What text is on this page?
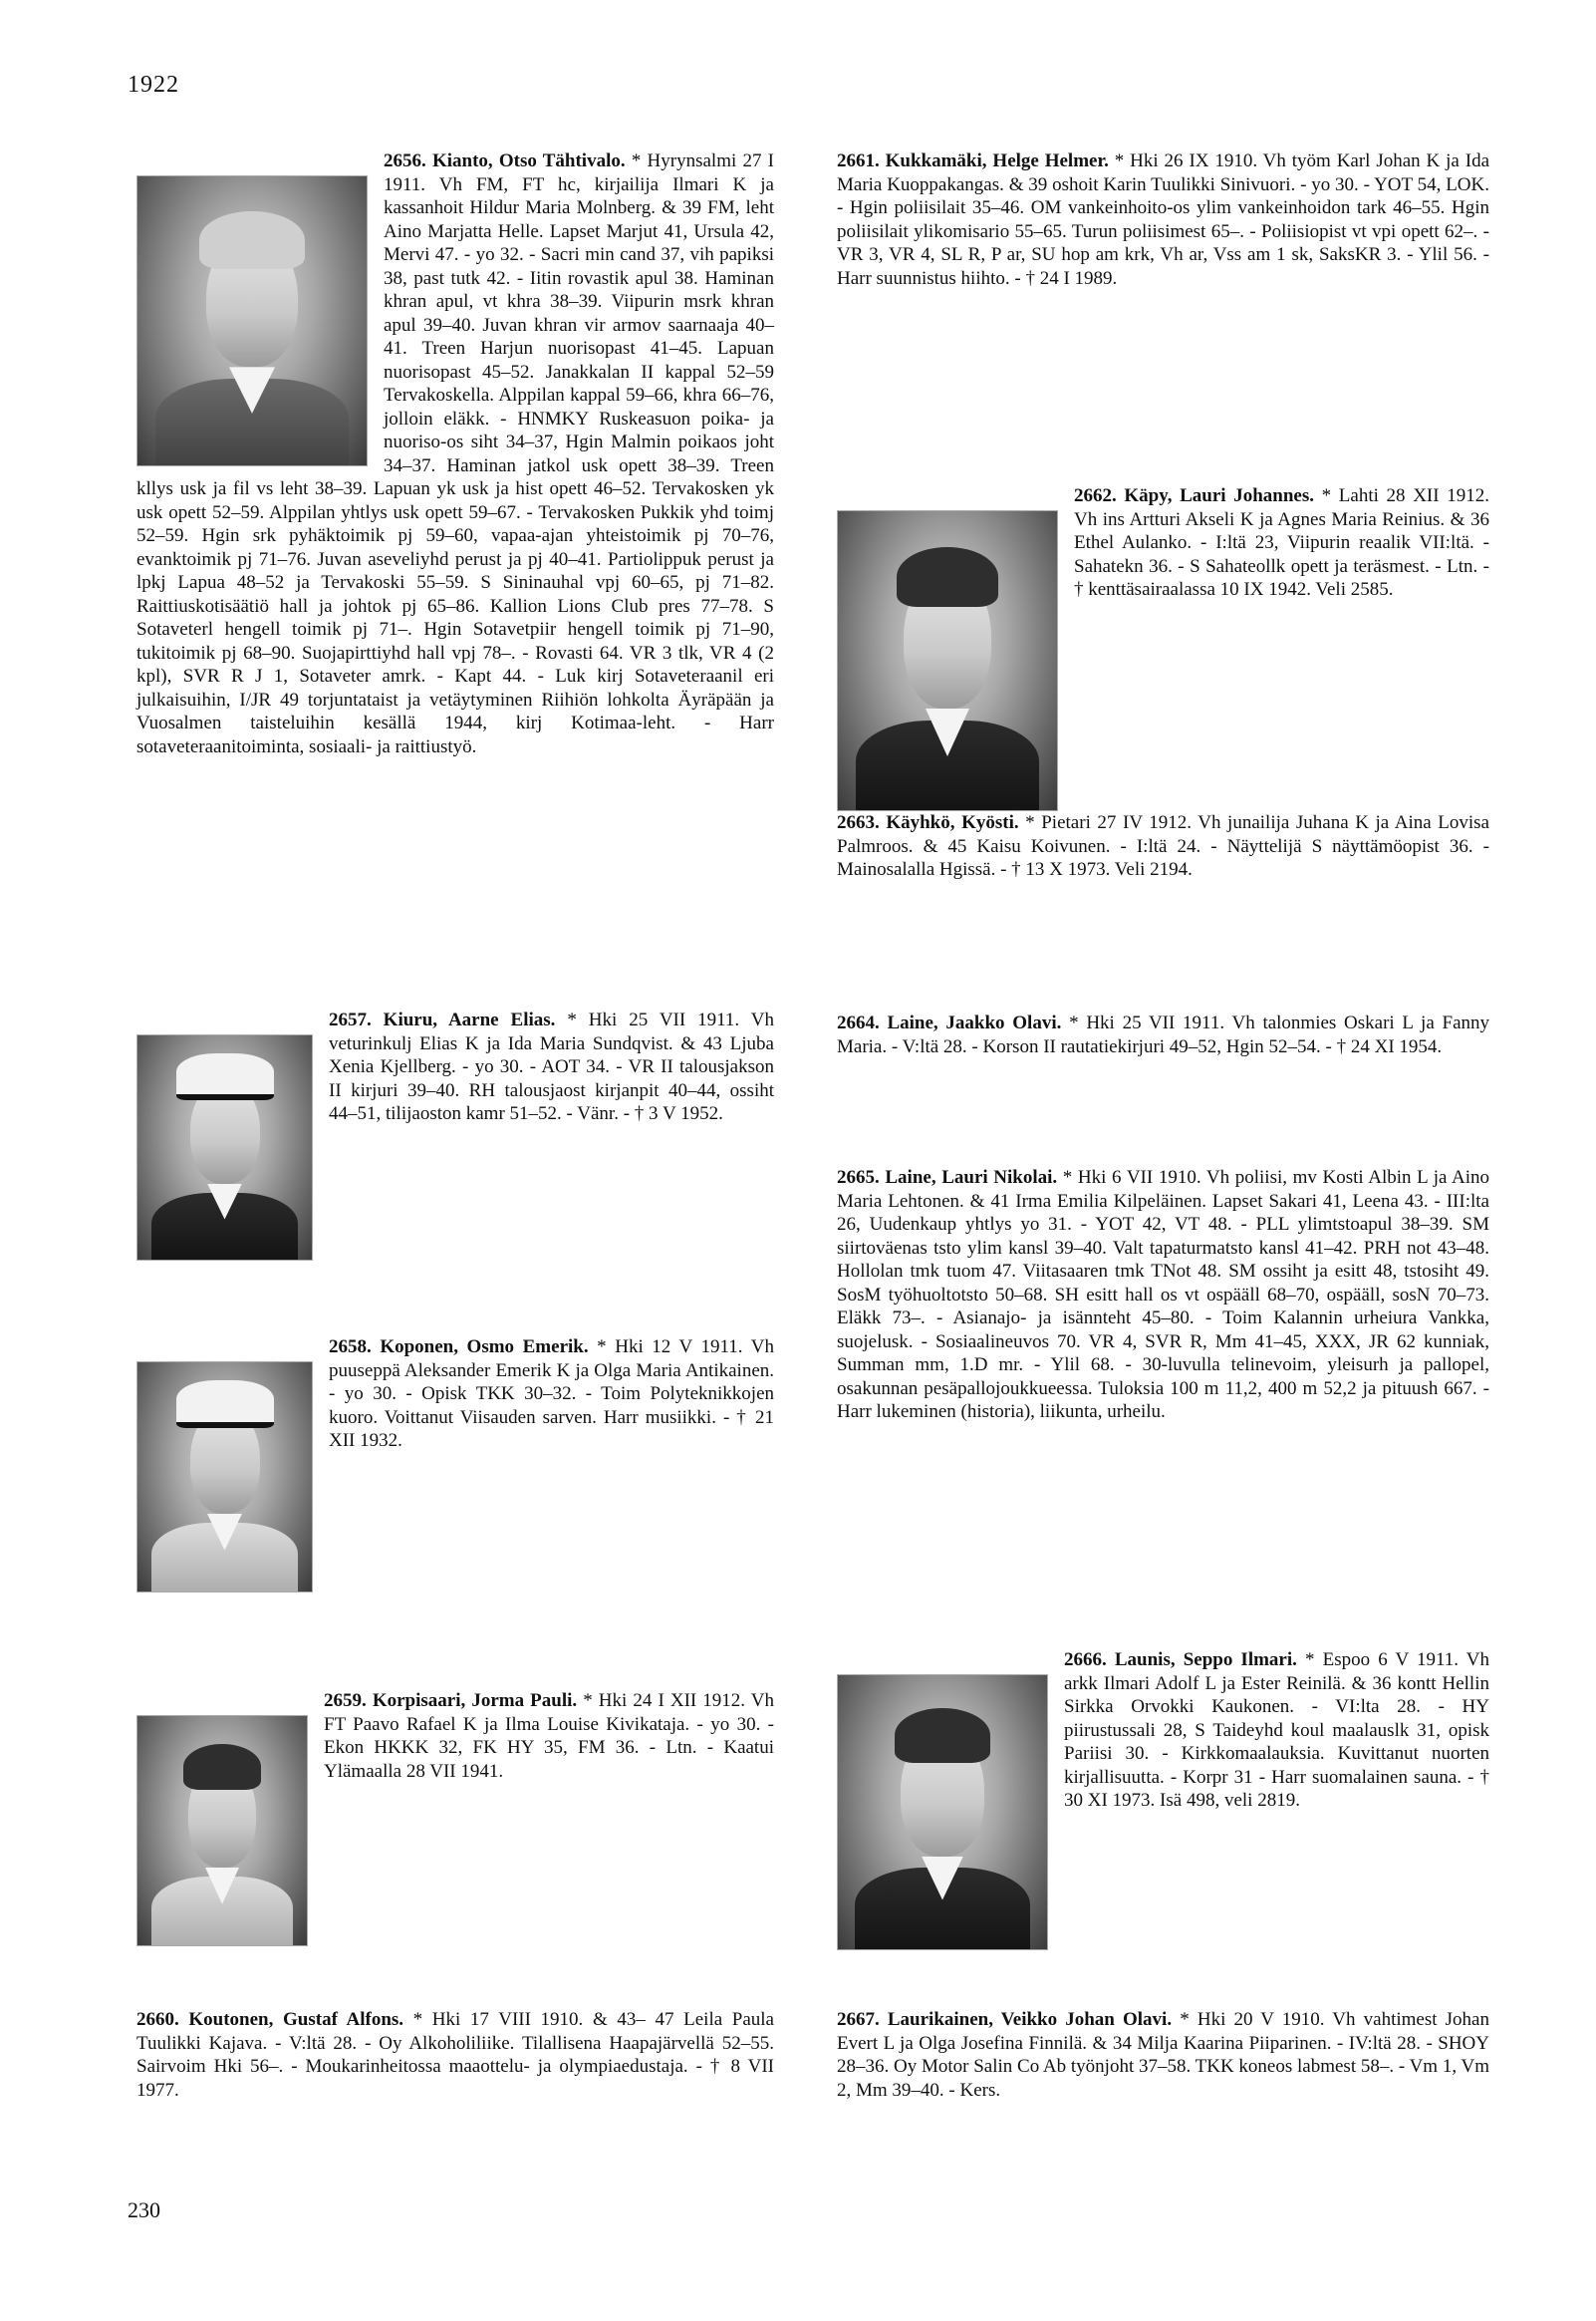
1922

2656. Kianto, Otso Tähtivalo. * Hyrynsalmi 27 I 1911. Vh FM, FT hc, kirjailija Ilmari K ja kassanhoit Hildur Maria Molnberg. & 39 FM, leht Aino Marjatta Helle. Lapset Marjut 41, Ursula 42, Mervi 47. - yo 32. - Sacri min cand 37, vih papiksi 38, past tutk 42. - Iitin rovastik apul 38. Haminan khran apul, vt khra 38–39. Viipurin msrk khran apul 39–40. Juvan khran vir armov saarnaaja 40–41. Treen Harjun nuorisopast 41–45. Lapuan nuorisopast 45–52. Janakkalan II kappal 52–59 Tervakoskella. Alppilan kappal 59–66, khra 66–76, jolloin eläkk. - HNMKY Ruskeasuon poika- ja nuoriso-os siht 34–37, Hgin Malmin poikaos joht 34–37. Haminan jatkol usk opett 38–39. Treen kllys usk ja fil vs leht 38–39. Lapuan yk usk ja hist opett 46–52. Tervakosken yk usk opett 52–59. Alppilan yhtlys usk opett 59–67. - Tervakosken Pukkik yhd toimj 52–59. Hgin srk pyhäktoimik pj 59–60, vapaa-ajan yhteistoimik pj 70–76, evanktoimik pj 71–76. Juvan aseveliyhd perust ja pj 40–41. Partiolippuk perust ja lpkj Lapua 48–52 ja Tervakoski 55–59. S Sininauhal vpj 60–65, pj 71–82. Raittiuskotisäätiö hall ja johtok pj 65–86. Kallion Lions Club pres 77–78. S Sotaveterl hengell toimik pj 71–. Hgin Sotavetpiir hengell toimik pj 71–90, tukitoimik pj 68–90. Suojapirttiyhd hall vpj 78–. - Rovasti 64. VR 3 tlk, VR 4 (2 kpl), SVR R J 1, Sotaveter amrk. - Kapt 44. - Luk kirj Sotaveteraanil eri julkaisuihin, I/JR 49 torjuntataist ja vetäytyminen Riihiön lohkolta Äyräpään ja Vuosalmen taisteluihin kesällä 1944, kirj Kotimaa-leht. - Harr sotaveteraanitoiminta, sosiaali- ja raittiustyö.

2657. Kiuru, Aarne Elias. * Hki 25 VII 1911. Vh veturinkulj Elias K ja Ida Maria Sundqvist. & 43 Ljuba Xenia Kjellberg. - yo 30. - AOT 34. - VR II talousjakson II kirjuri 39–40. RH talousjaost kirjanpit 40–44, ossiht 44–51, tilijaoston kamr 51–52. - Vänr. - † 3 V 1952.

2658. Koponen, Osmo Emerik. * Hki 12 V 1911. Vh puuseppä Aleksander Emerik K ja Olga Maria Antikainen. - yo 30. - Opisk TKK 30–32. - Toim Polyteknikkojen kuoro. Voittanut Viisauden sarven. Harr musiikki. - † 21 XII 1932.

2659. Korpisaari, Jorma Pauli. * Hki 24 I XII 1912. Vh FT Paavo Rafael K ja Ilma Louise Kivikataja. - yo 30. - Ekon HKKK 32, FK HY 35, FM 36. - Ltn. - Kaatui Ylämaalla 28 VII 1941.

2660. Koutonen, Gustaf Alfons. * Hki 17 VIII 1910. & 43– 47 Leila Paula Tuulikki Kajava. - V:ltä 28. - Oy Alkoholiliike. Tilallisena Haapajärvellä 52–55. Sairvoim Hki 56–. - Moukarinheitossa maaottelu- ja olympiaedustaja. - † 8 VII 1977.

2661. Kukkamäki, Helge Helmer. * Hki 26 IX 1910. Vh työm Karl Johan K ja Ida Maria Kuoppakangas. & 39 oshoit Karin Tuulikki Sinivuori. - yo 30. - YOT 54, LOK. - Hgin poliisilait 35–46. OM vankeinhoito-os ylim vankeinhoidon tark 46–55. Hgin poliisilait ylikomisario 55–65. Turun poliisimest 65–. - Poliisiopist vt vpi opett 62–. - VR 3, VR 4, SL R, P ar, SU hop am krk, Vh ar, Vss am 1 sk, SaksKR 3. - Ylil 56. - Harr suunnistus hiihto. - † 24 I 1989.

2662. Käpy, Lauri Johannes. * Lahti 28 XII 1912. Vh ins Artturi Akseli K ja Agnes Maria Reinius. & 36 Ethel Aulanko. - I:ltä 23, Viipurin reaalik VII:ltä. - Sahatekn 36. - S Sahateollk opett ja teräsmest. - Ltn. - † kenttäsairaalassa 10 IX 1942. Veli 2585.

2663. Käyhkö, Kyösti. * Pietari 27 IV 1912. Vh junailija Juhana K ja Aina Lovisa Palmroos. & 45 Kaisu Koivunen. - I:ltä 24. - Näyttelijä S näyttämöopist 36. - Mainosalalla Hgissä. - † 13 X 1973. Veli 2194.

2664. Laine, Jaakko Olavi. * Hki 25 VII 1911. Vh talonmies Oskari L ja Fanny Maria. - V:ltä 28. - Korson II rautatiekirjuri 49–52, Hgin 52–54. - † 24 XI 1954.

2665. Laine, Lauri Nikolai. * Hki 6 VII 1910. Vh poliisi, mv Kosti Albin L ja Aino Maria Lehtonen. & 41 Irma Emilia Kilpeläinen. Lapset Sakari 41, Leena 43. - III:lta 26, Uudenkaup yhtlys yo 31. - YOT 42, VT 48. - PLL ylimtstoapul 38–39. SM siirtoväenas tsto ylim kansl 39–40. Valt tapaturmatsto kansl 41–42. PRH not 43–48. Hollolan tmk tuom 47. Viitasaaren tmk TNot 48. SM ossiht ja esitt 48, tstosiht 49. SosM työhuoltotsto 50–68. SH esitt hall os vt ospääll 68–70, ospääll, sosN 70–73. Eläkk 73–. - Asianajo- ja isännteht 45–80. - Toim Kalannin urheiura Vankka, suojelusk. - Sosiaalineuvos 70. VR 4, SVR R, Mm 41–45, XXX, JR 62 kunniak, Summan mm, 1.D mr. - Ylil 68. - 30-luvulla telinevoim, yleisurh ja pallopel, osakunnan pesäpallojoukkueessa. Tuloksia 100 m 11,2, 400 m 52,2 ja pituush 667. - Harr lukeminen (historia), liikunta, urheilu.

2666. Launis, Seppo Ilmari. * Espoo 6 V 1911. Vh arkk Ilmari Adolf L ja Ester Reinilä. & 36 kontt Hellin Sirkka Orvokki Kaukonen. - VI:lta 28. - HY piirustussali 28, S Taideyhd koul maalauslk 31, opisk Pariisi 30. - Kirkkomaalauksia. Kuvittanut nuorten kirjallisuutta. - Korpr 31 - Harr suomalainen sauna. - † 30 XI 1973. Isä 498, veli 2819.

2667. Laurikainen, Veikko Johan Olavi. * Hki 20 V 1910. Vh vahtimest Johan Evert L ja Olga Josefina Finnilä. & 34 Milja Kaarina Piiparinen. - IV:ltä 28. - SHOY 28–36. Oy Motor Salin Co Ab työnjoht 37–58. TKK koneos labmest 58–. - Vm 1, Vm 2, Mm 39–40. - Kers.

230
